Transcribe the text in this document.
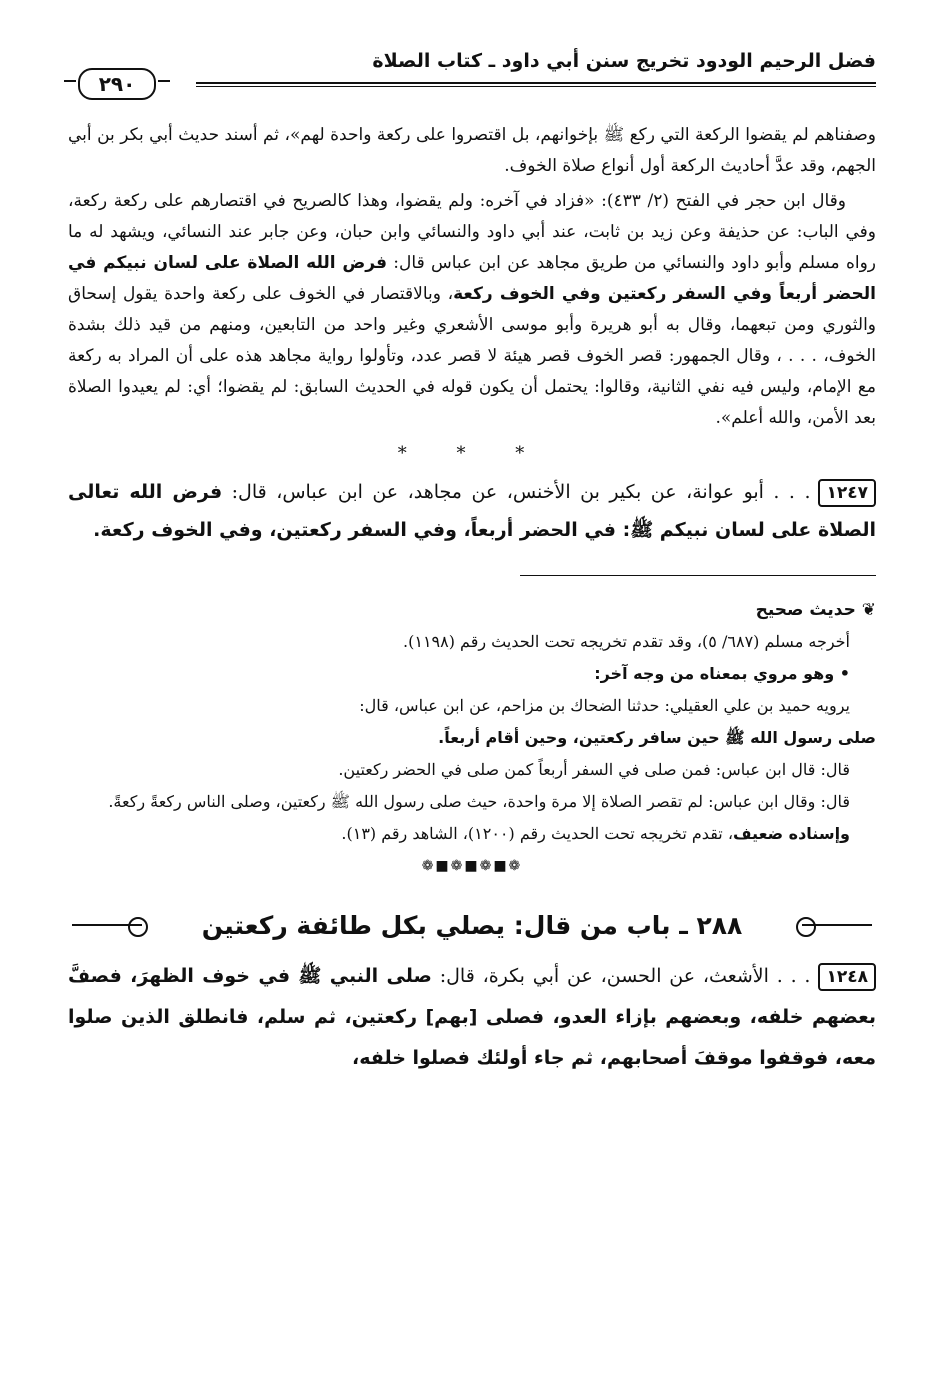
فضل الرحيم الودود تخريج سنن أبي داود ـ كتاب الصلاة
٢٩٠

وصفناهم لم يقضوا الركعة التي ركع ﷺ بإخوانهم، بل اقتصروا على ركعة واحدة لهم»، ثم أسند حديث أبي بكر بن أبي الجهم، وقد عدَّ أحاديث الركعة أول أنواع صلاة الخوف.

وقال ابن حجر في الفتح (٢/ ٤٣٣): «فزاد في آخره: ولم يقضوا، وهذا كالصريح في اقتصارهم على ركعة ركعة، وفي الباب: عن حذيفة وعن زيد بن ثابت، عند أبي داود والنسائي وابن حبان، وعن جابر عند النسائي، ويشهد له ما رواه مسلم وأبو داود والنسائي من طريق مجاهد عن ابن عباس قال: فرض الله الصلاة على لسان نبيكم في الحضر أربعاً وفي السفر ركعتين وفي الخوف ركعة، وبالاقتصار في الخوف على ركعة واحدة يقول إسحاق والثوري ومن تبعهما، وقال به أبو هريرة وأبو موسى الأشعري وغير واحد من التابعين، ومنهم من قيد ذلك بشدة الخوف، . . . ، وقال الجمهور: قصر الخوف قصر هيئة لا قصر عدد، وتأولوا رواية مجاهد هذه على أن المراد به ركعة مع الإمام، وليس فيه نفي الثانية، وقالوا: يحتمل أن يكون قوله في الحديث السابق: لم يقضوا؛ أي: لم يعيدوا الصلاة بعد الأمن، والله أعلم».

* * *
١٢٤٧. . . أبو عوانة، عن بكير بن الأخنس، عن مجاهد، عن ابن عباس، قال: فرض الله تعالى الصلاة على لسان نبيكم ﷺ: في الحضر أربعاً، وفي السفر ركعتين، وفي الخوف ركعة.
❦ حديث صحيح
أخرجه مسلم (٦٨٧/ ٥)، وقد تقدم تخريجه تحت الحديث رقم (١١٩٨).
• وهو مروي بمعناه من وجه آخر:
يرويه حميد بن علي العقيلي: حدثنا الضحاك بن مزاحم، عن ابن عباس، قال:
صلى رسول الله ﷺ حين سافر ركعتين، وحين أقام أربعاً.
قال: قال ابن عباس: فمن صلى في السفر أربعاً كمن صلى في الحضر ركعتين.
قال: وقال ابن عباس: لم تقصر الصلاة إلا مرة واحدة، حيث صلى رسول الله ﷺ ركعتين، وصلى الناس ركعةً ركعةً.
وإسناده ضعيف، تقدم تخريجه تحت الحديث رقم (١٢٠٠)، الشاهد رقم (١٣).
❁■❁■❁■❁
٢٨٨ ـ باب من قال: يصلي بكل طائفة ركعتين
١٢٤٨. . . الأشعث، عن الحسن، عن أبي بكرة، قال: صلى النبي ﷺ في خوف الظهرَ، فصفَّ بعضهم خلفه، وبعضهم بإزاء العدو، فصلى [بهم] ركعتين، ثم سلم، فانطلق الذين صلوا معه، فوقفوا موقفَ أصحابهم، ثم جاء أولئك فصلوا خلفه،
